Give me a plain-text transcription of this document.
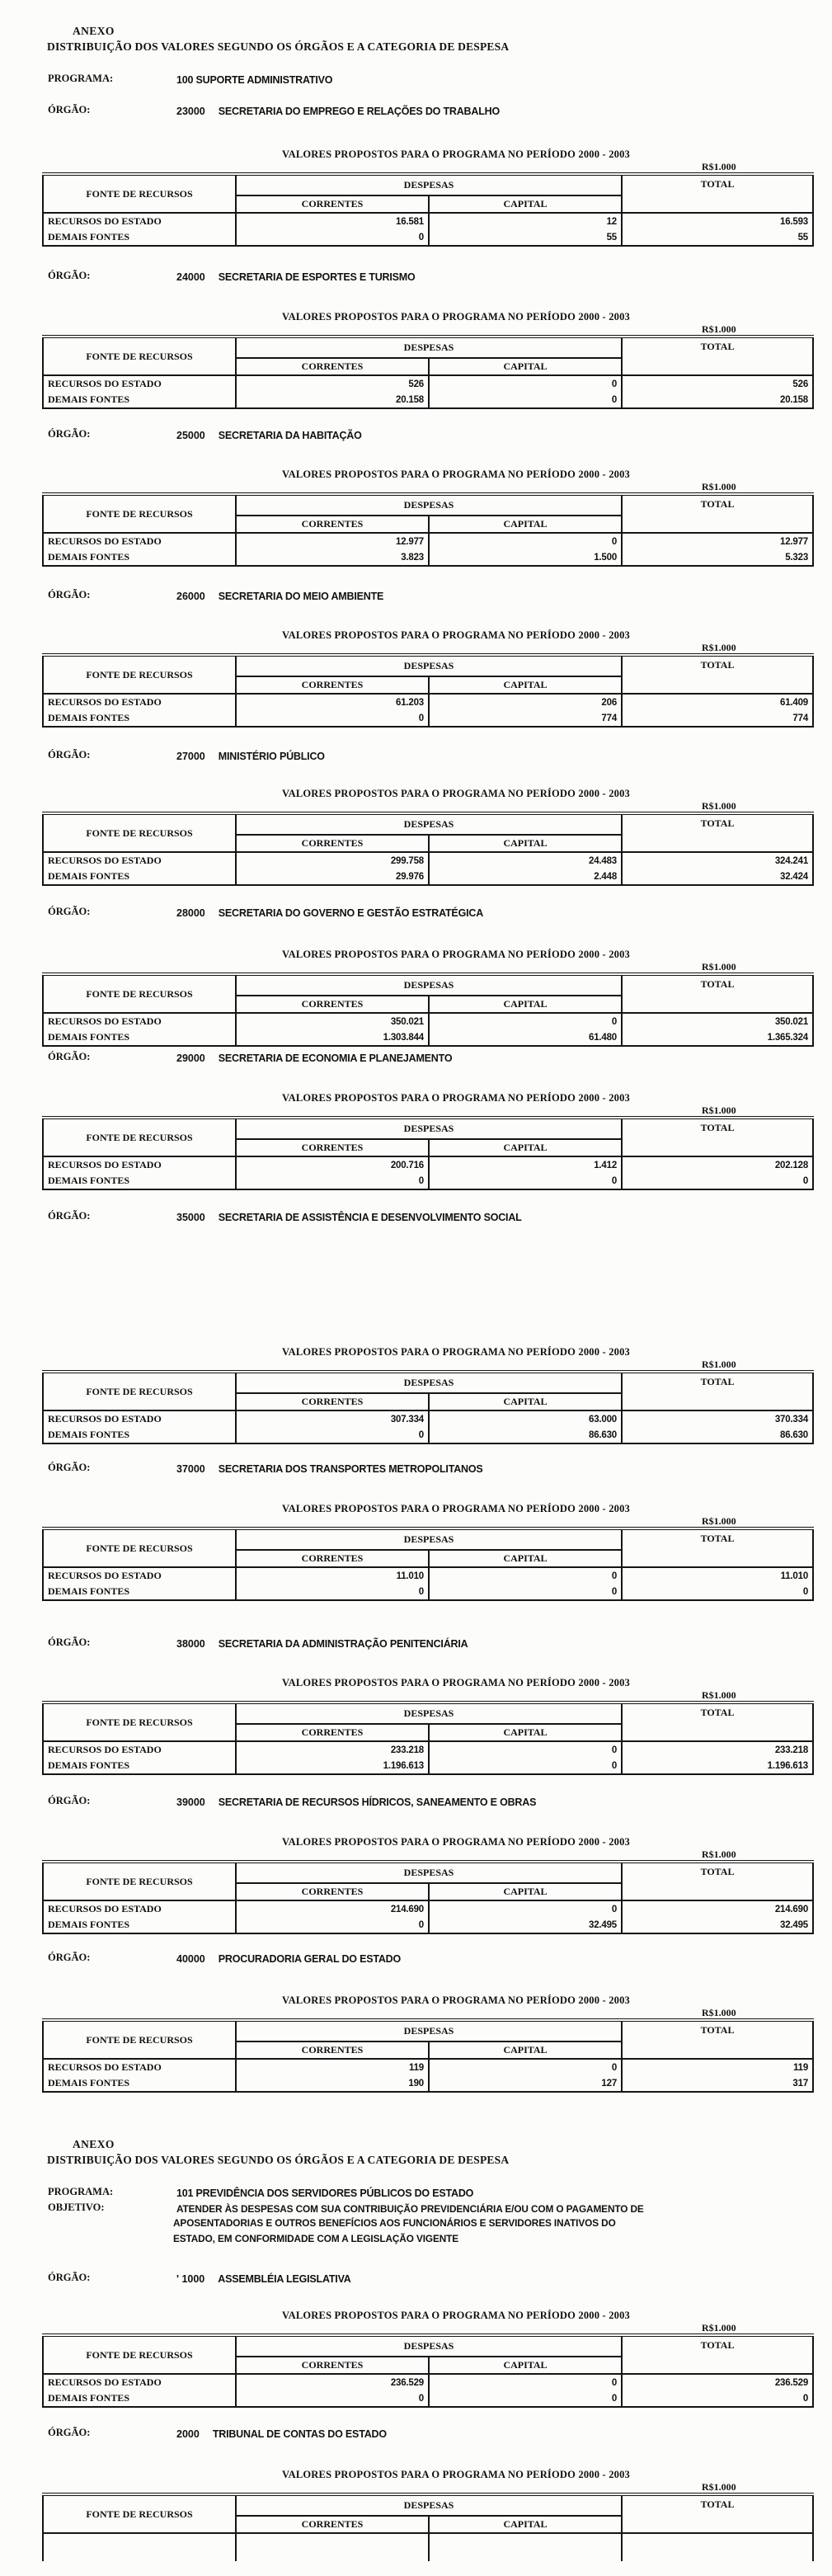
ANEXO
DISTRIBUIÇÃO DOS VALORES SEGUNDO OS ÓRGÃOS E A CATEGORIA DE DESPESA
PROGRAMA:	100 SUPORTE ADMINISTRATIVO
ÓRGÃO:	23000 SECRETARIA DO EMPREGO E RELAÇÕES DO TRABALHO
VALORES PROPOSTOS PARA O PROGRAMA NO PERÍODO 2000 - 2003
R$1.000
FONTE DE RECURSOS	DESPESAS		TOTAL
	CORRENTES	CAPITAL	
RECURSOS DO ESTADO	16.581	12	16.593
DEMAIS FONTES	0	55	55
ÓRGÃO:	24000 SECRETARIA DE ESPORTES E TURISMO
VALORES PROPOSTOS PARA O PROGRAMA NO PERÍODO 2000 - 2003
R$1.000
FONTE DE RECURSOS	DESPESAS		TOTAL
	CORRENTES	CAPITAL	
RECURSOS DO ESTADO	526	0	526
DEMAIS FONTES	20.158	0	20.158
ÓRGÃO:	25000 SECRETARIA DA HABITAÇÃO
VALORES PROPOSTOS PARA O PROGRAMA NO PERÍODO 2000 - 2003
R$1.000
FONTE DE RECURSOS	DESPESAS		TOTAL
	CORRENTES	CAPITAL	
RECURSOS DO ESTADO	12.977	0	12.977
DEMAIS FONTES	3.823	1.500	5.323
ÓRGÃO:	26000 SECRETARIA DO MEIO AMBIENTE
VALORES PROPOSTOS PARA O PROGRAMA NO PERÍODO 2000 - 2003
R$1.000
FONTE DE RECURSOS	DESPESAS		TOTAL
	CORRENTES	CAPITAL	
RECURSOS DO ESTADO	61.203	206	61.409
DEMAIS FONTES	0	774	774
ÓRGÃO:	27000 MINISTÉRIO PÚBLICO
VALORES PROPOSTOS PARA O PROGRAMA NO PERÍODO 2000 - 2003
R$1.000
FONTE DE RECURSOS	DESPESAS		TOTAL
	CORRENTES	CAPITAL	
RECURSOS DO ESTADO	299.758	24.483	324.241
DEMAIS FONTES	29.976	2.448	32.424
ÓRGÃO:	28000 SECRETARIA DO GOVERNO E GESTÃO ESTRATÉGICA
VALORES PROPOSTOS PARA O PROGRAMA NO PERÍODO 2000 - 2003
R$1.000
FONTE DE RECURSOS	DESPESAS		TOTAL
	CORRENTES	CAPITAL	
RECURSOS DO ESTADO	350.021	0	350.021
DEMAIS FONTES	1.303.844	61.480	1.365.324
ÓRGÃO:	29000 SECRETARIA DE ECONOMIA E PLANEJAMENTO
VALORES PROPOSTOS PARA O PROGRAMA NO PERÍODO 2000 - 2003
R$1.000
FONTE DE RECURSOS	DESPESAS		TOTAL
	CORRENTES	CAPITAL	
RECURSOS DO ESTADO	200.716	1.412	202.128
DEMAIS FONTES	0	0	0
ÓRGÃO:	35000 SECRETARIA DE ASSISTÊNCIA E DESENVOLVIMENTO SOCIAL
VALORES PROPOSTOS PARA O PROGRAMA NO PERÍODO 2000 - 2003
R$1.000
FONTE DE RECURSOS	DESPESAS		TOTAL
	CORRENTES	CAPITAL	
RECURSOS DO ESTADO	307.334	63.000	370.334
DEMAIS FONTES	0	86.630	86.630
ÓRGÃO:	37000 SECRETARIA DOS TRANSPORTES METROPOLITANOS
VALORES PROPOSTOS PARA O PROGRAMA NO PERÍODO 2000 - 2003
R$1.000
FONTE DE RECURSOS	DESPESAS		TOTAL
	CORRENTES	CAPITAL	
RECURSOS DO ESTADO	11.010	0	11.010
DEMAIS FONTES	0	0	0
ÓRGÃO:	38000 SECRETARIA DA ADMINISTRAÇÃO PENITENCIÁRIA
VALORES PROPOSTOS PARA O PROGRAMA NO PERÍODO 2000 - 2003
R$1.000
FONTE DE RECURSOS	DESPESAS		TOTAL
	CORRENTES	CAPITAL	
RECURSOS DO ESTADO	233.218	0	233.218
DEMAIS FONTES	1.196.613	0	1.196.613
ÓRGÃO:	39000 SECRETARIA DE RECURSOS HÍDRICOS, SANEAMENTO E OBRAS
VALORES PROPOSTOS PARA O PROGRAMA NO PERÍODO 2000 - 2003
R$1.000
FONTE DE RECURSOS	DESPESAS		TOTAL
	CORRENTES	CAPITAL	
RECURSOS DO ESTADO	214.690	0	214.690
DEMAIS FONTES	0	32.495	32.495
ÓRGÃO:	40000 PROCURADORIA GERAL DO ESTADO
VALORES PROPOSTOS PARA O PROGRAMA NO PERÍODO 2000 - 2003
R$1.000
FONTE DE RECURSOS	DESPESAS		TOTAL
	CORRENTES	CAPITAL	
RECURSOS DO ESTADO	119	0	119
DEMAIS FONTES	190	127	317
ÓRGÃO:	' 1000 ASSEMBLÉIA LEGISLATIVA
VALORES PROPOSTOS PARA O PROGRAMA NO PERÍODO 2000 - 2003
R$1.000
FONTE DE RECURSOS	DESPESAS		TOTAL
	CORRENTES	CAPITAL	
RECURSOS DO ESTADO	236.529	0	236.529
DEMAIS FONTES	0	0	0
ÓRGÃO:	2000 TRIBUNAL DE CONTAS DO ESTADO
VALORES PROPOSTOS PARA O PROGRAMA NO PERÍODO 2000 - 2003
R$1.000
FONTE DE RECURSOS	DESPESAS		TOTAL
	CORRENTES	CAPITAL	

ANEXO
DISTRIBUIÇÃO DOS VALORES SEGUNDO OS ÓRGÃOS E A CATEGORIA DE DESPESA
PROGRAMA:	101 PREVIDÊNCIA DOS SERVIDORES PÚBLICOS DO ESTADO
OBJETIVO:	ATENDER ÀS DESPESAS COM SUA CONTRIBUIÇÃO PREVIDENCIÁRIA E/OU COM O PAGAMENTO DE
APOSENTADORIAS E OUTROS BENEFÍCIOS AOS FUNCIONÁRIOS E SERVIDORES INATIVOS DO
ESTADO, EM CONFORMIDADE COM A LEGISLAÇÃO VIGENTE
